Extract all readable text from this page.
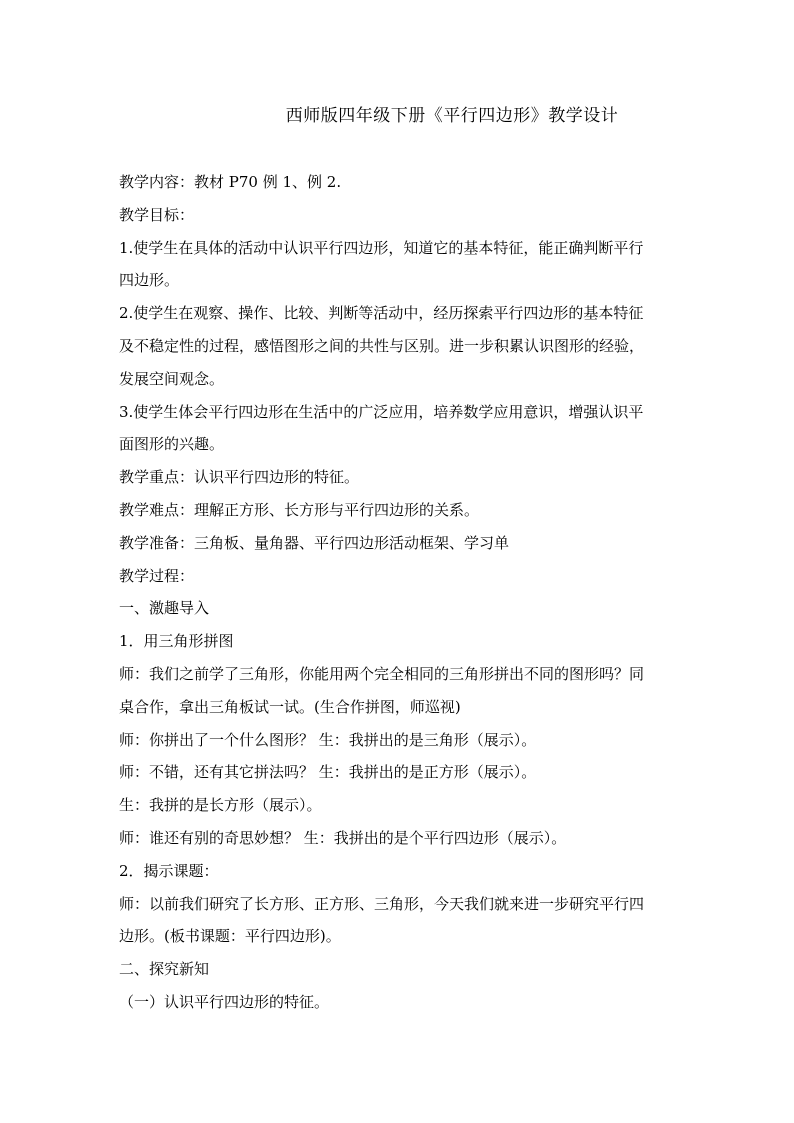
西师版四年级下册《平行四边形》教学设计
教学内容：教材 P70 例 1、例 2.
教学目标：
1.使学生在具体的活动中认识平行四边形，知道它的基本特征，能正确判断平行
四边形。
2.使学生在观察、操作、比较、判断等活动中，经历探索平行四边形的基本特征
及不稳定性的过程，感悟图形之间的共性与区别。进一步积累认识图形的经验，
发展空间观念。
3.使学生体会平行四边形在生活中的广泛应用，培养数学应用意识，增强认识平
面图形的兴趣。
教学重点：认识平行四边形的特征。
教学难点：理解正方形、长方形与平行四边形的关系。
教学准备：三角板、量角器、平行四边形活动框架、学习单
教学过程：
一、激趣导入
1．用三角形拼图
师：我们之前学了三角形，你能用两个完全相同的三角形拼出不同的图形吗？同
桌合作，拿出三角板试一试。(生合作拼图，师巡视)
师：你拼出了一个什么图形？ 生：我拼出的是三角形（展示）。
师：不错，还有其它拼法吗？ 生：我拼出的是正方形（展示）。
生：我拼的是长方形（展示）。
师：谁还有别的奇思妙想？ 生：我拼出的是个平行四边形（展示）。
2．揭示课题：
师：以前我们研究了长方形、正方形、三角形，今天我们就来进一步研究平行四
边形。(板书课题：平行四边形)。
二、探究新知
（一）认识平行四边形的特征。
